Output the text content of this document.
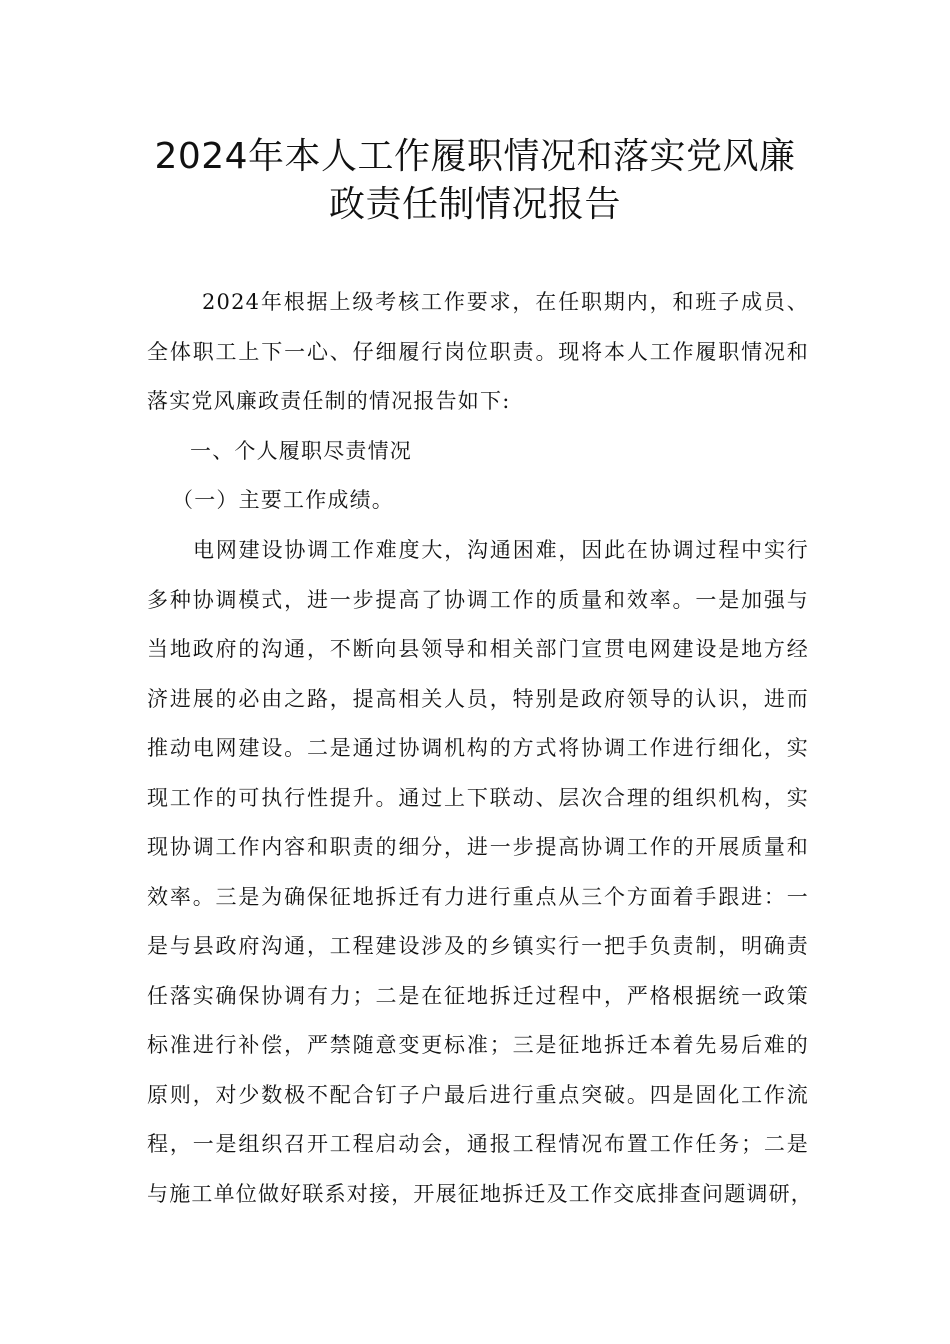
2024年本人工作履职情况和落实党风廉
政责任制情况报告
2024年根据上级考核工作要求，在任职期内，和班子成员、
全体职工上下一心、仔细履行岗位职责。现将本人工作履职情况和
落实党风廉政责任制的情况报告如下:
一、个人履职尽责情况
（一）主要工作成绩。
电网建设协调工作难度大，沟通困难，因此在协调过程中实行
多种协调模式，进一步提高了协调工作的质量和效率。一是加强与
当地政府的沟通，不断向县领导和相关部门宣贯电网建设是地方经
济进展的必由之路，提高相关人员，特别是政府领导的认识，进而
推动电网建设。二是通过协调机构的方式将协调工作进行细化，实
现工作的可执行性提升。通过上下联动、层次合理的组织机构，实
现协调工作内容和职责的细分，进一步提高协调工作的开展质量和
效率。三是为确保征地拆迁有力进行重点从三个方面着手跟进：一
是与县政府沟通，工程建设涉及的乡镇实行一把手负责制，明确责
任落实确保协调有力；二是在征地拆迁过程中，严格根据统一政策
标准进行补偿，严禁随意变更标准；三是征地拆迁本着先易后难的
原则，对少数极不配合钉子户最后进行重点突破。四是固化工作流
程，一是组织召开工程启动会，通报工程情况布置工作任务；二是
与施工单位做好联系对接，开展征地拆迁及工作交底排查问题调研，
